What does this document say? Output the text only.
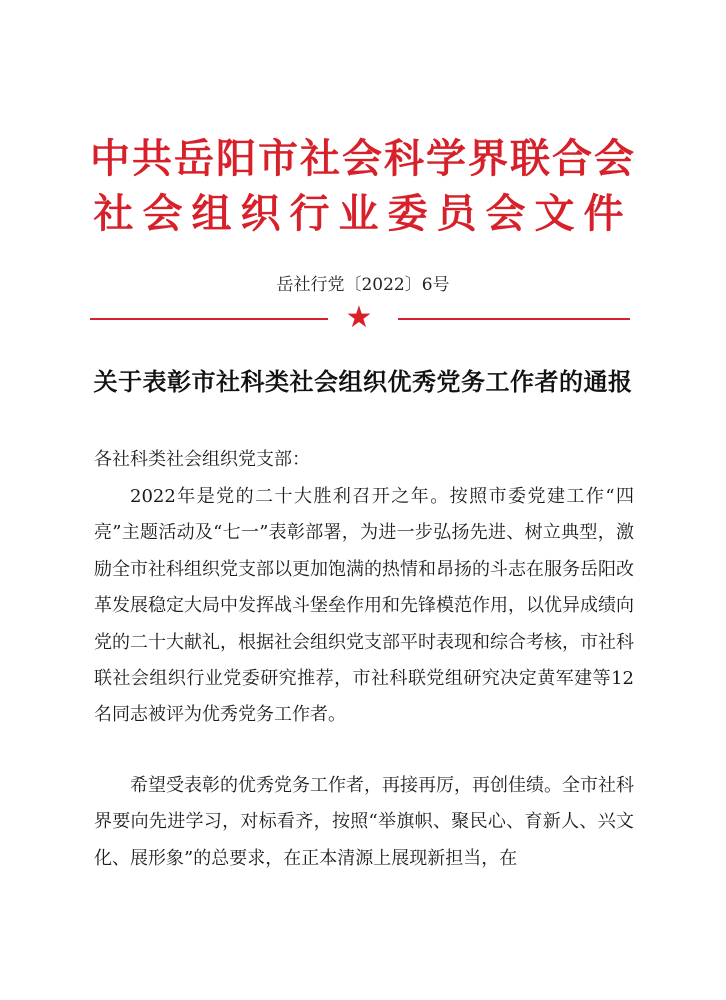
中共岳阳市社会科学界联合会
社会组织行业委员会文件
岳社行党〔2022〕6号
★
关于表彰市社科类社会组织优秀党务工作者的通报
各社科类社会组织党支部：
2022年是党的二十大胜利召开之年。按照市委党建工作“四亮”主题活动及“七一”表彰部署，为进一步弘扬先进、树立典型，激励全市社科组织党支部以更加饱满的热情和昂扬的斗志在服务岳阳改革发展稳定大局中发挥战斗堡垒作用和先锋模范作用，以优异成绩向党的二十大献礼，根据社会组织党支部平时表现和综合考核，市社科联社会组织行业党委研究推荐，市社科联党组研究决定黄军建等12名同志被评为优秀党务工作者。
希望受表彰的优秀党务工作者，再接再厉，再创佳绩。全市社科界要向先进学习，对标看齐，按照“举旗帜、聚民心、育新人、兴文化、展形象”的总要求，在正本清源上展现新担当，在
